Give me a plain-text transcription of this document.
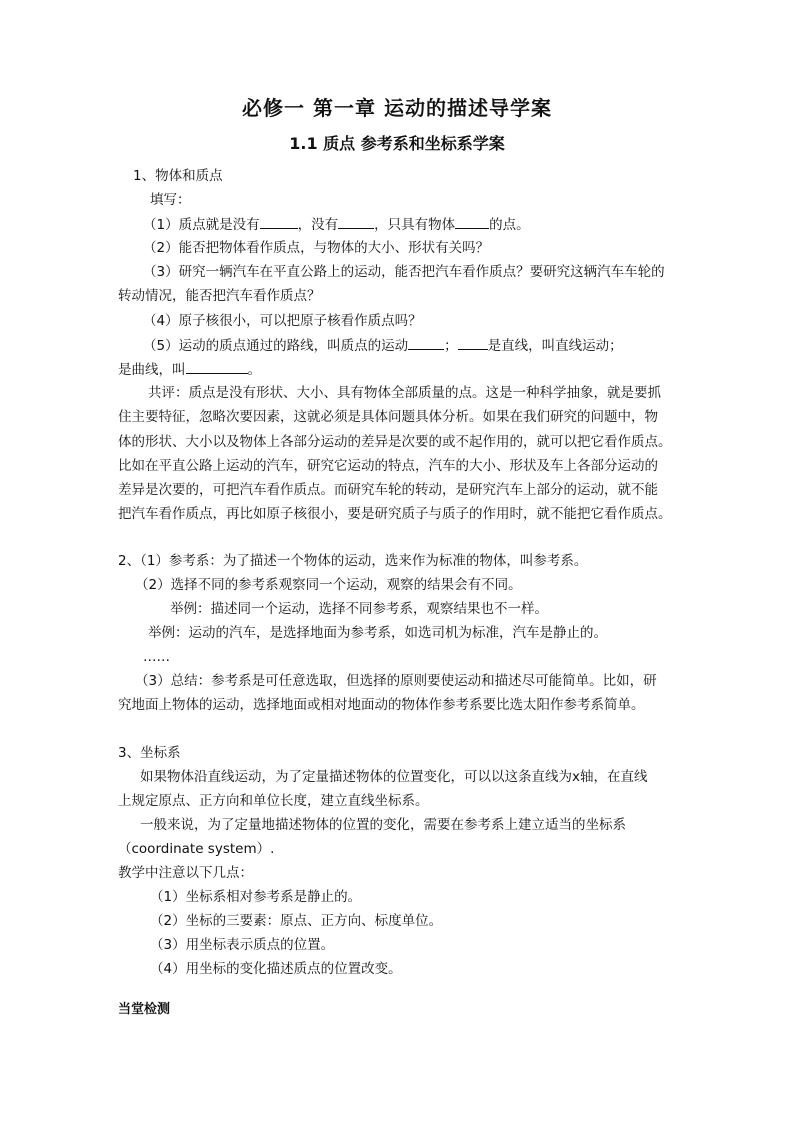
必修一 第一章 运动的描述导学案
1.1 质点 参考系和坐标系学案
1、物体和质点
填写：
（1）质点就是没有	，没有	，只具有物体	的点。
（2）能否把物体看作质点，与物体的大小、形状有关吗？
（3）研究一辆汽车在平直公路上的运动，能否把汽车看作质点？要研究这辆汽车车轮的
转动情况，能否把汽车看作质点？
（4）原子核很小，可以把原子核看作质点吗？
（5）运动的质点通过的路线，叫质点的运动	； 是直线，叫直线运动；
是曲线，叫	。
共评：质点是没有形状、大小、具有物体全部质量的点。这是一种科学抽象，就是要抓
住主要特征，忽略次要因素，这就必须是具体问题具体分析。如果在我们研究的问题中，物
体的形状、大小以及物体上各部分运动的差异是次要的或不起作用的，就可以把它看作质点。
比如在平直公路上运动的汽车，研究它运动的特点，汽车的大小、形状及车上各部分运动的
差异是次要的，可把汽车看作质点。而研究车轮的转动，是研究汽车上部分的运动，就不能
把汽车看作质点，再比如原子核很小，要是研究质子与质子的作用时，就不能把它看作质点。
2、（1）参考系：为了描述一个物体的运动，选来作为标准的物体，叫参考系。
（2）选择不同的参考系观察同一个运动，观察的结果会有不同。
举例：描述同一个运动，选择不同参考系，观察结果也不一样。
举例：运动的汽车，是选择地面为参考系，如选司机为标准，汽车是静止的。
……
（3）总结：参考系是可任意选取，但选择的原则要使运动和描述尽可能简单。比如，研
究地面上物体的运动，选择地面或相对地面动的物体作参考系要比选太阳作参考系简单。
3、坐标系
如果物体沿直线运动，为了定量描述物体的位置变化，可以以这条直线为x轴，在直线
上规定原点、正方向和单位长度，建立直线坐标系。
一般来说，为了定量地描述物体的位置的变化，需要在参考系上建立适当的坐标系
（coordinate system）.
教学中注意以下几点：
（1）坐标系相对参考系是静止的。
（2）坐标的三要素：原点、正方向、标度单位。
（3）用坐标表示质点的位置。
（4）用坐标的变化描述质点的位置改变。
当堂检测
